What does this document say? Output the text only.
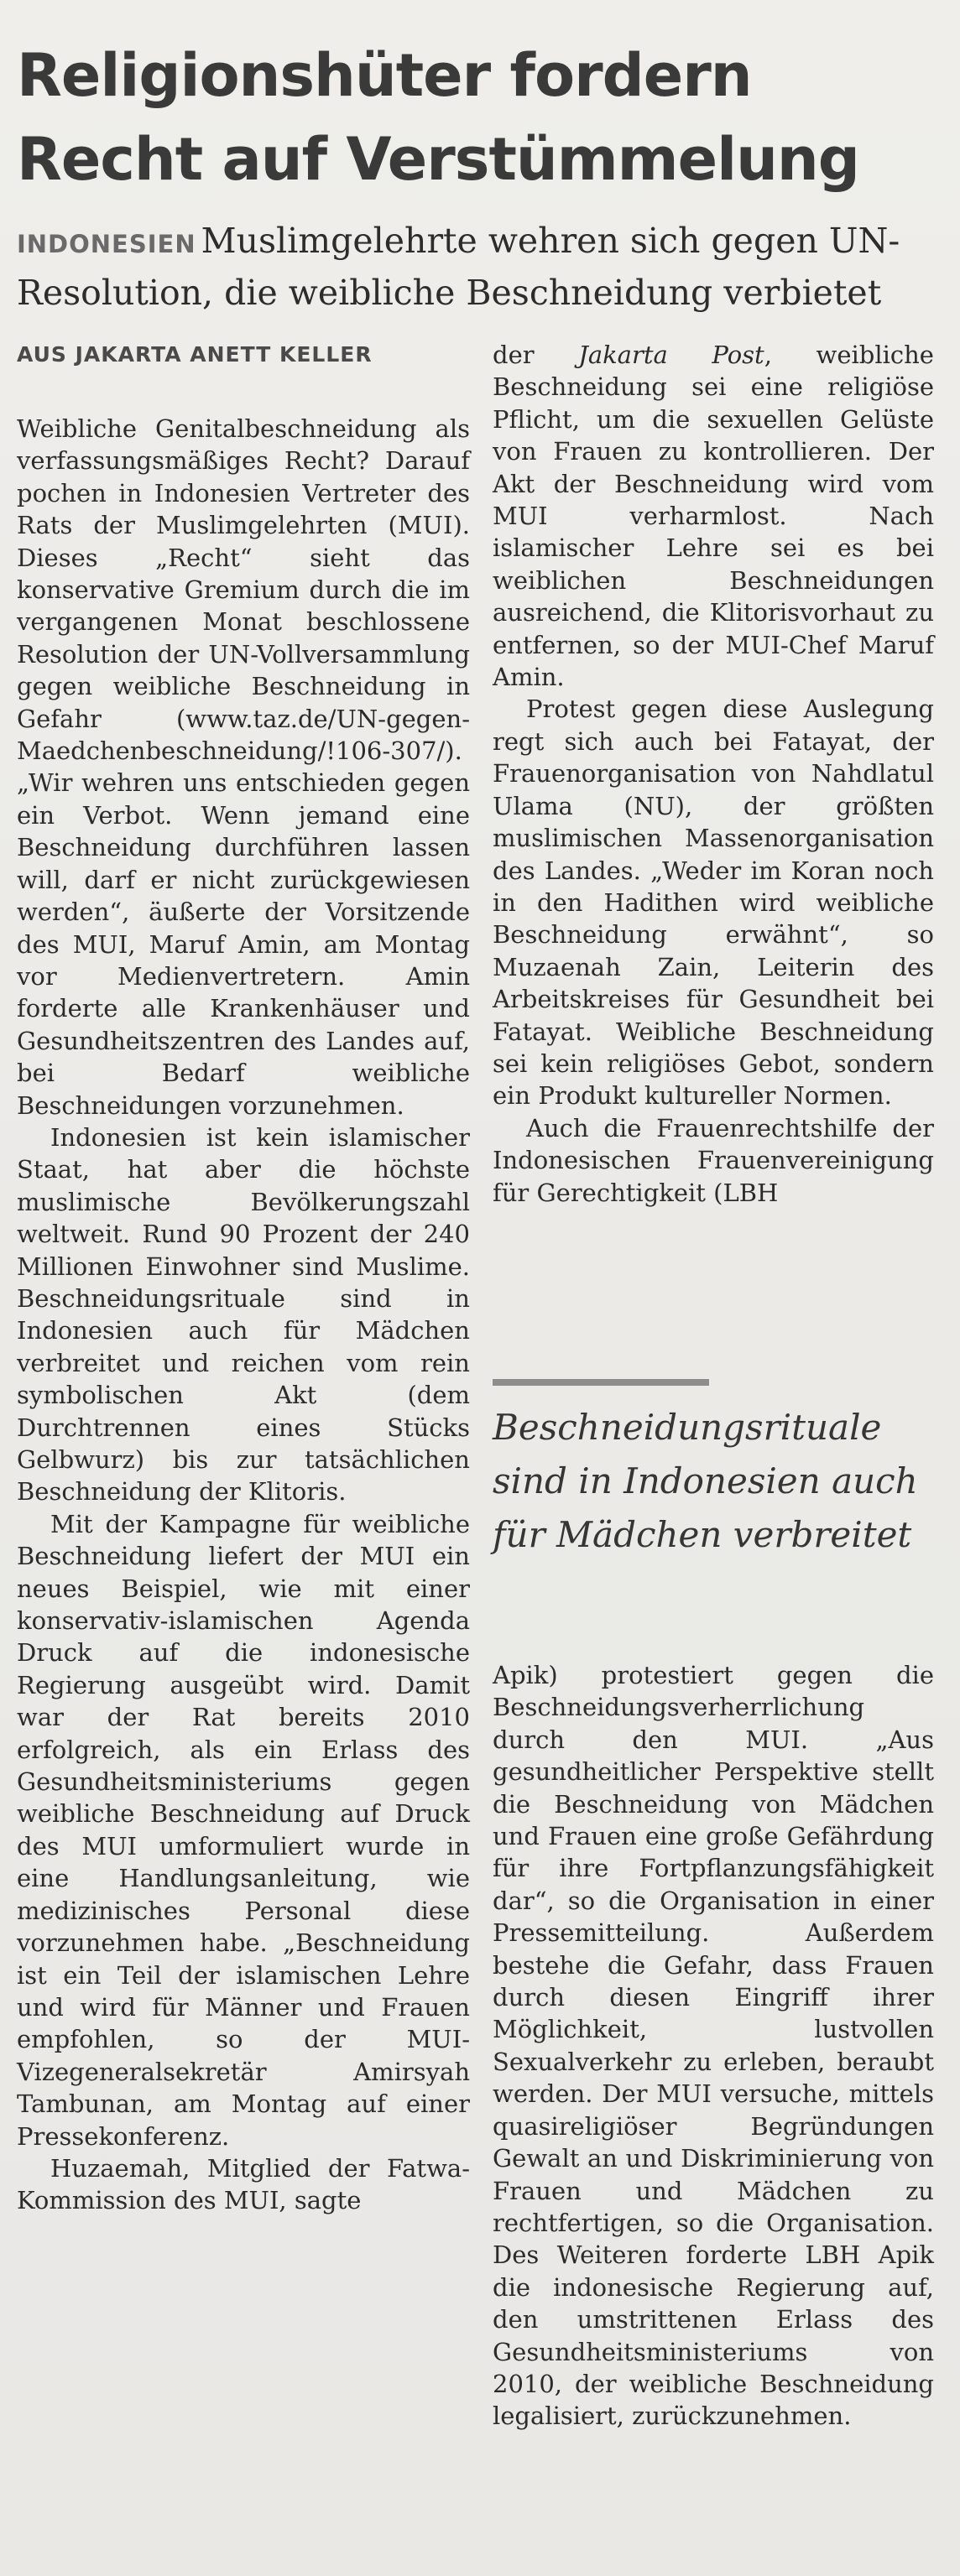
Religionshüter fordern
Recht auf Verstümmelung

INDONESIEN Muslimgelehrte wehren sich gegen UN-Resolution, die weibliche Beschneidung verbietet

AUS JAKARTA ANETT KELLER

Weibliche Genitalbeschneidung als verfassungsmäßiges Recht? Darauf pochen in Indonesien Vertreter des Rats der Muslimgelehrten (MUI). Dieses „Recht“ sieht das konservative Gremium durch die im vergangenen Monat beschlossene Resolution der UN-Vollversammlung gegen weibliche Beschneidung in Gefahr (www.taz.de/UN-gegen-Maedchenbeschneidung/!106-307/). „Wir wehren uns entschieden gegen ein Verbot. Wenn jemand eine Beschneidung durchführen lassen will, darf er nicht zurückgewiesen werden“, äußerte der Vorsitzende des MUI, Maruf Amin, am Montag vor Medienvertretern. Amin forderte alle Krankenhäuser und Gesundheitszentren des Landes auf, bei Bedarf weibliche Beschneidungen vorzunehmen.

Indonesien ist kein islamischer Staat, hat aber die höchste muslimische Bevölkerungszahl weltweit. Rund 90 Prozent der 240 Millionen Einwohner sind Muslime. Beschneidungsrituale sind in Indonesien auch für Mädchen verbreitet und reichen vom rein symbolischen Akt (dem Durchtrennen eines Stücks Gelbwurz) bis zur tatsächlichen Beschneidung der Klitoris.

Mit der Kampagne für weibliche Beschneidung liefert der MUI ein neues Beispiel, wie mit einer konservativ-islamischen Agenda Druck auf die indonesische Regierung ausgeübt wird. Damit war der Rat bereits 2010 erfolgreich, als ein Erlass des Gesundheitsministeriums gegen weibliche Beschneidung auf Druck des MUI umformuliert wurde in eine Handlungsanleitung, wie medizinisches Personal diese vorzunehmen habe. „Beschneidung ist ein Teil der islamischen Lehre und wird für Männer und Frauen empfohlen, so der MUI-Vizegeneralsekretär Amirsyah Tambunan, am Montag auf einer Pressekonferenz.

Huzaemah, Mitglied der Fatwa-Kommission des MUI, sagte

der Jakarta Post, weibliche Beschneidung sei eine religiöse Pflicht, um die sexuellen Gelüste von Frauen zu kontrollieren. Der Akt der Beschneidung wird vom MUI verharmlost. Nach islamischer Lehre sei es bei weiblichen Beschneidungen ausreichend, die Klitorisvorhaut zu entfernen, so der MUI-Chef Maruf Amin.

Protest gegen diese Auslegung regt sich auch bei Fatayat, der Frauenorganisation von Nahdlatul Ulama (NU), der größten muslimischen Massenorganisation des Landes. „Weder im Koran noch in den Hadithen wird weibliche Beschneidung erwähnt“, so Muzaenah Zain, Leiterin des Arbeitskreises für Gesundheit bei Fatayat. Weibliche Beschneidung sei kein religiöses Gebot, sondern ein Produkt kultureller Normen.

Auch die Frauenrechtshilfe der Indonesischen Frauenvereinigung für Gerechtigkeit (LBH

Beschneidungsrituale sind in Indonesien auch für Mädchen verbreitet

Apik) protestiert gegen die Beschneidungsverherrlichung durch den MUI. „Aus gesundheitlicher Perspektive stellt die Beschneidung von Mädchen und Frauen eine große Gefährdung für ihre Fortpflanzungsfähigkeit dar“, so die Organisation in einer Pressemitteilung. Außerdem bestehe die Gefahr, dass Frauen durch diesen Eingriff ihrer Möglichkeit, lustvollen Sexualverkehr zu erleben, beraubt werden. Der MUI versuche, mittels quasireligiöser Begründungen Gewalt an und Diskriminierung von Frauen und Mädchen zu rechtfertigen, so die Organisation. Des Weiteren forderte LBH Apik die indonesische Regierung auf, den umstrittenen Erlass des Gesundheitsministeriums von 2010, der weibliche Beschneidung legalisiert, zurückzunehmen.
